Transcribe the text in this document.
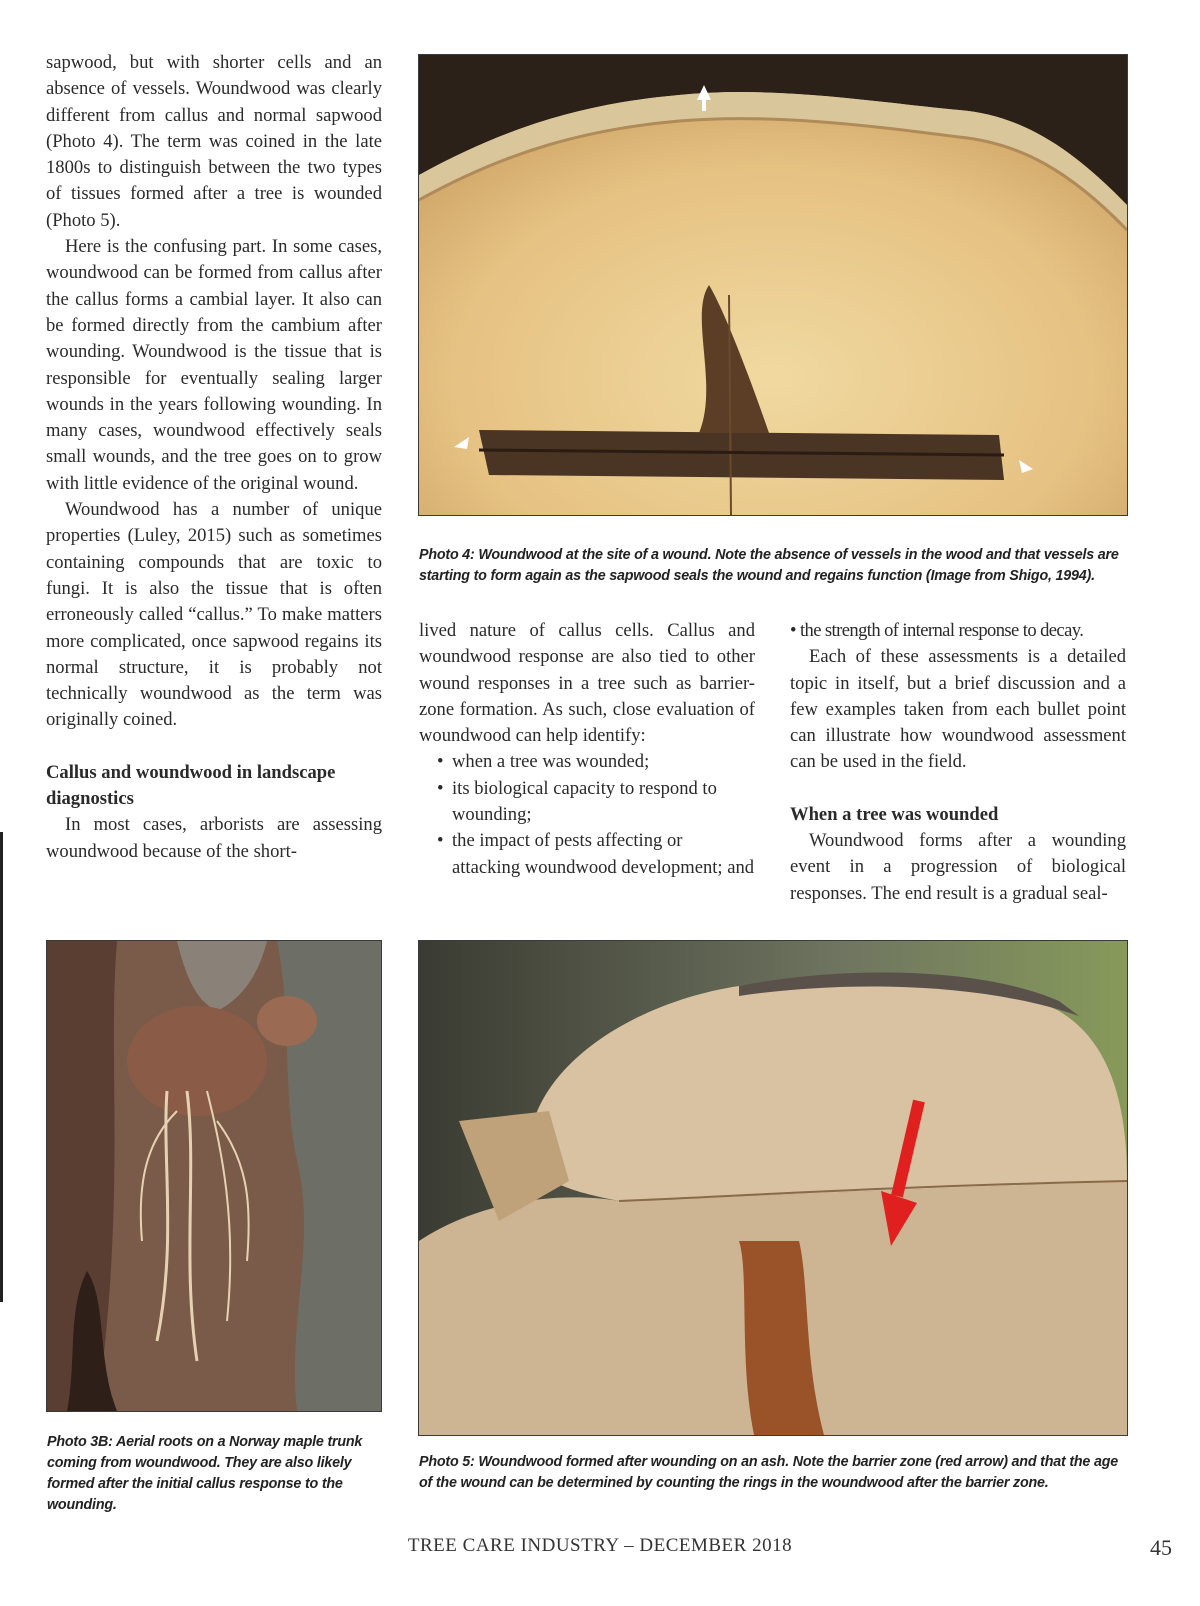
sapwood, but with shorter cells and an absence of vessels. Woundwood was clearly different from callus and normal sapwood (Photo 4). The term was coined in the late 1800s to distinguish between the two types of tissues formed after a tree is wounded (Photo 5).

Here is the confusing part. In some cases, woundwood can be formed from callus after the callus forms a cambial layer. It also can be formed directly from the cambium after wounding. Woundwood is the tissue that is responsible for eventually sealing larger wounds in the years following wounding. In many cases, woundwood effectively seals small wounds, and the tree goes on to grow with little evidence of the original wound.

Woundwood has a number of unique properties (Luley, 2015) such as sometimes containing compounds that are toxic to fungi. It is also the tissue that is often erroneously called “callus.” To make matters more complicated, once sapwood regains its normal structure, it is probably not technically woundwood as the term was originally coined.

Callus and woundwood in landscape diagnostics

In most cases, arborists are assessing woundwood because of the short-

Photo 4: Woundwood at the site of a wound. Note the absence of vessels in the wood and that vessels are starting to form again as the sapwood seals the wound and regains function (Image from Shigo, 1994).

lived nature of callus cells. Callus and woundwood response are also tied to other wound responses in a tree such as barrier-zone formation. As such, close evaluation of woundwood can help identify:

• when a tree was wounded;
• its biological capacity to respond to wounding;
• the impact of pests affecting or attacking woundwood development; and

• the strength of internal response to decay.

Each of these assessments is a detailed topic in itself, but a brief discussion and a few examples taken from each bullet point can illustrate how woundwood assessment can be used in the field.

When a tree was wounded

Woundwood forms after a wounding event in a progression of biological responses. The end result is a gradual seal-

Photo 3B: Aerial roots on a Norway maple trunk coming from woundwood. They are also likely formed after the initial callus response to the wounding.
Photo 5: Woundwood formed after wounding on an ash. Note the barrier zone (red arrow) and that the age of the wound can be determined by counting the rings in the woundwood after the barrier zone.
TREE CARE INDUSTRY – DECEMBER 2018	45
